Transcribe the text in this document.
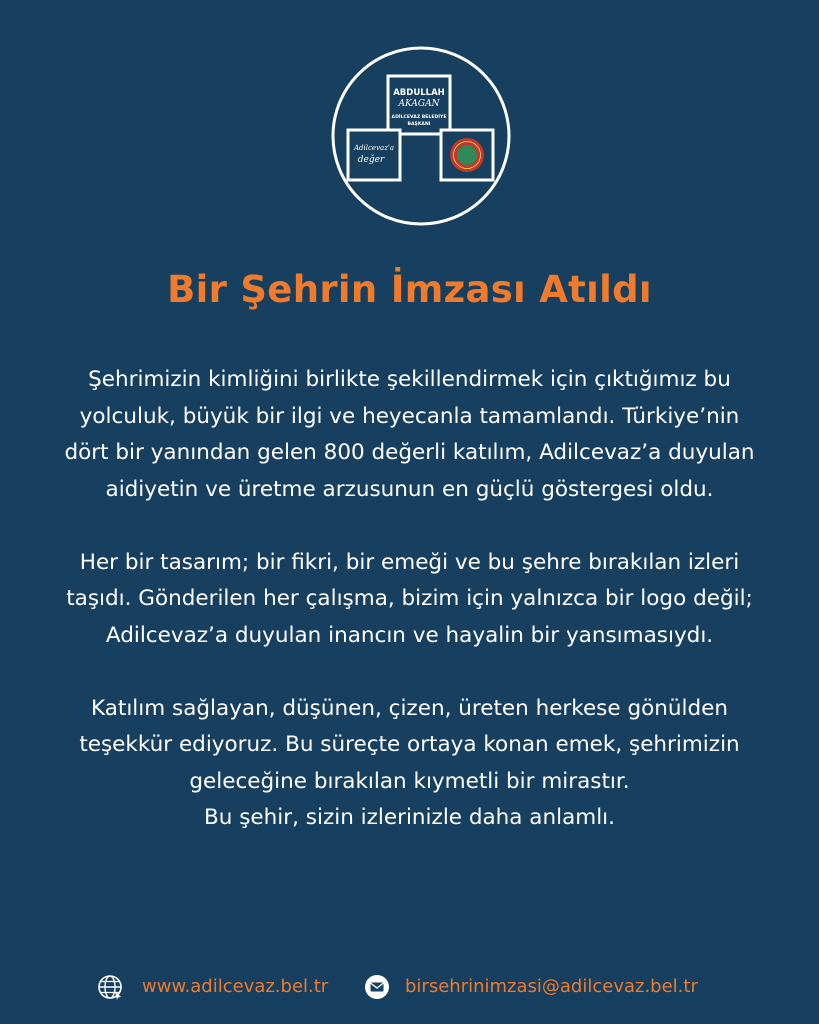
ABDULLAH
AKAGAN
ADİLCEVAZ BELEDİYE
BAŞKANI
Adilcevaz'a
değer
Bir Şehrin İmzası Atıldı
Şehrimizin kimliğini birlikte şekillendirmek için çıktığımız bu
yolculuk, büyük bir ilgi ve heyecanla tamamlandı. Türkiye’nin
dört bir yanından gelen 800 değerli katılım, Adilcevaz’a duyulan
aidiyetin ve üretme arzusunun en güçlü göstergesi oldu.
Her bir tasarım; bir fikri, bir emeği ve bu şehre bırakılan izleri
taşıdı. Gönderilen her çalışma, bizim için yalnızca bir logo değil;
Adilcevaz’a duyulan inancın ve hayalin bir yansımasıydı.
Katılım sağlayan, düşünen, çizen, üreten herkese gönülden
teşekkür ediyoruz. Bu süreçte ortaya konan emek, şehrimizin
geleceğine bırakılan kıymetli bir mirastır.
Bu şehir, sizin izlerinizle daha anlamlı.
www.adilcevaz.bel.tr	birsehrinimzasi@adilcevaz.bel.tr
